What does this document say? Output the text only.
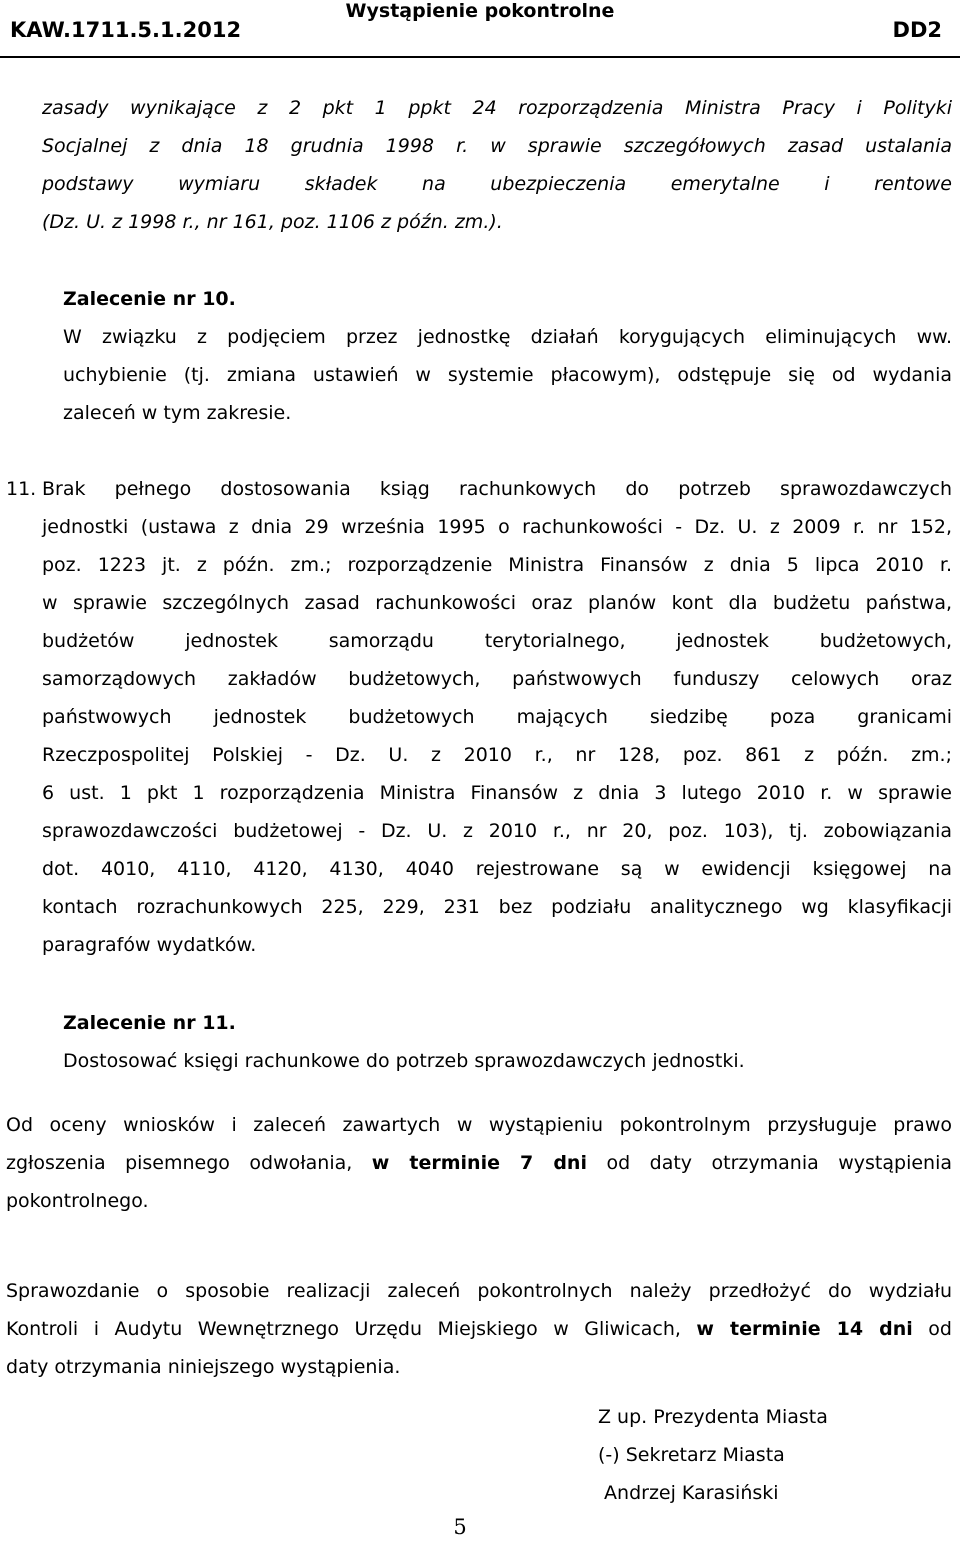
KAW.1711.5.1.2012
Wystąpienie pokontrolne
DD2

zasady wynikające z 2 pkt 1 ppkt 24 rozporządzenia Ministra Pracy i Polityki

Socjalnej z dnia 18 grudnia 1998 r. w sprawie szczegółowych zasad ustalania

podstawy wymiaru składek na ubezpieczenia emerytalne i rentowe

(Dz. U. z 1998 r., nr 161, poz. 1106 z późn. zm.).

Zalecenie nr 10.

W związku z podjęciem przez jednostkę działań korygujących eliminujących ww.

uchybienie (tj. zmiana ustawień w systemie płacowym), odstępuje się od wydania

zaleceń w tym zakresie.

11. Brak pełnego dostosowania ksiąg rachunkowych do potrzeb sprawozdawczych

jednostki (ustawa z dnia 29 września 1995 o rachunkowości - Dz. U. z 2009 r. nr 152,

poz. 1223 jt. z późn. zm.; rozporządzenie Ministra Finansów z dnia 5 lipca 2010 r.

w sprawie szczególnych zasad rachunkowości oraz planów kont dla budżetu państwa,

budżetów jednostek samorządu terytorialnego, jednostek budżetowych,

samorządowych zakładów budżetowych, państwowych funduszy celowych oraz

państwowych jednostek budżetowych mających siedzibę poza granicami

Rzeczpospolitej Polskiej - Dz. U. z 2010 r., nr 128, poz. 861 z późn. zm.;

6 ust. 1 pkt 1 rozporządzenia Ministra Finansów z dnia 3 lutego 2010 r. w sprawie

sprawozdawczości budżetowej - Dz. U. z 2010 r., nr 20, poz. 103), tj. zobowiązania

dot. 4010, 4110, 4120, 4130, 4040 rejestrowane są w ewidencji księgowej na

kontach rozrachunkowych 225, 229, 231 bez podziału analitycznego wg klasyfikacji

paragrafów wydatków.

Zalecenie nr 11.

Dostosować księgi rachunkowe do potrzeb sprawozdawczych jednostki.

Od oceny wniosków i zaleceń zawartych w wystąpieniu pokontrolnym przysługuje prawo

zgłoszenia pisemnego odwołania, w terminie 7 dni od daty otrzymania wystąpienia

pokontrolnego.

Sprawozdanie o sposobie realizacji zaleceń pokontrolnych należy przedłożyć do wydziału

Kontroli i Audytu Wewnętrznego Urzędu Miejskiego w Gliwicach, w terminie 14 dni od

daty otrzymania niniejszego wystąpienia.

Z up. Prezydenta Miasta
(-) Sekretarz Miasta
Andrzej Karasiński
5
